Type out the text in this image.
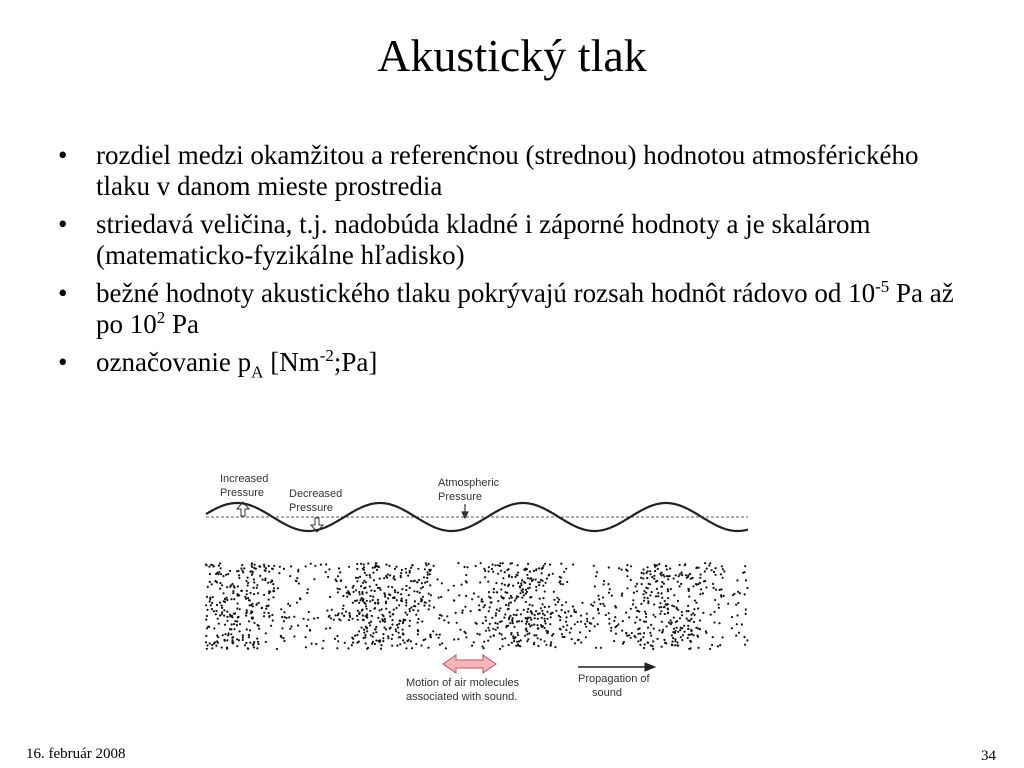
Akustický tlak
• rozdiel medzi okamžitou a referenčnou (strednou) hodnotou atmosférického tlaku v danom mieste prostredia
• striedavá veličina, t.j. nadobúda kladné i záporné hodnoty a je skalárom (matematicko-fyzikálne hľadisko)
• bežné hodnoty akustického tlaku pokrývajú rozsah hodnôt rádovo od $10^{-5}$ Pa až po $10^2$ Pa
• označovanie $p_A$ $[Nm^{-2};Pa]$
Increased
Pressure Decreased
Pressure
Atmospheric
Pressure
Motion of air molecules
associated with sound.
Propagation of
sound
16. február 2008	34
